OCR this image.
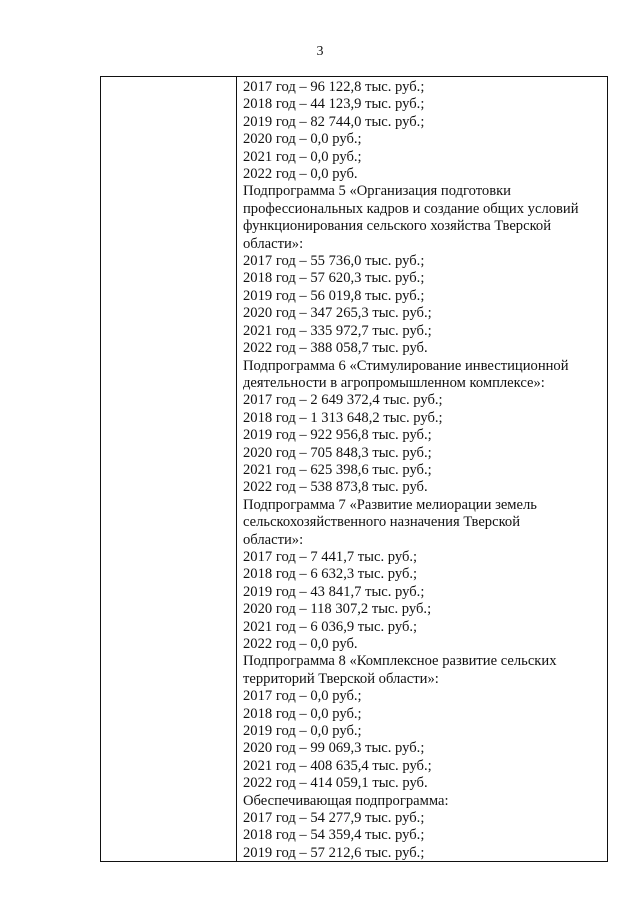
3
2017 год – 96 122,8 тыс. руб.;
2018 год – 44 123,9 тыс. руб.;
2019 год – 82 744,0 тыс. руб.;
2020 год – 0,0 руб.;
2021 год – 0,0 руб.;
2022 год – 0,0 руб.
Подпрограмма 5 «Организация подготовки
профессиональных кадров и создание общих условий
функционирования сельского хозяйства Тверской
области»:
2017 год – 55 736,0 тыс. руб.;
2018 год – 57 620,3 тыс. руб.;
2019 год – 56 019,8 тыс. руб.;
2020 год – 347 265,3 тыс. руб.;
2021 год – 335 972,7 тыс. руб.;
2022 год – 388 058,7 тыс. руб.
Подпрограмма 6 «Стимулирование инвестиционной
деятельности в агропромышленном комплексе»:
2017 год – 2 649 372,4 тыс. руб.;
2018 год – 1 313 648,2 тыс. руб.;
2019 год – 922 956,8 тыс. руб.;
2020 год – 705 848,3 тыс. руб.;
2021 год – 625 398,6 тыс. руб.;
2022 год – 538 873,8 тыс. руб.
Подпрограмма 7 «Развитие мелиорации земель
сельскохозяйственного назначения Тверской
области»:
2017 год – 7 441,7 тыс. руб.;
2018 год – 6 632,3 тыс. руб.;
2019 год – 43 841,7 тыс. руб.;
2020 год – 118 307,2 тыс. руб.;
2021 год – 6 036,9 тыс. руб.;
2022 год – 0,0 руб.
Подпрограмма 8 «Комплексное развитие сельских
территорий Тверской области»:
2017 год – 0,0 руб.;
2018 год – 0,0 руб.;
2019 год – 0,0 руб.;
2020 год – 99 069,3 тыс. руб.;
2021 год – 408 635,4 тыс. руб.;
2022 год – 414 059,1 тыс. руб.
Обеспечивающая подпрограмма:
2017 год – 54 277,9 тыс. руб.;
2018 год – 54 359,4 тыс. руб.;
2019 год – 57 212,6 тыс. руб.;
